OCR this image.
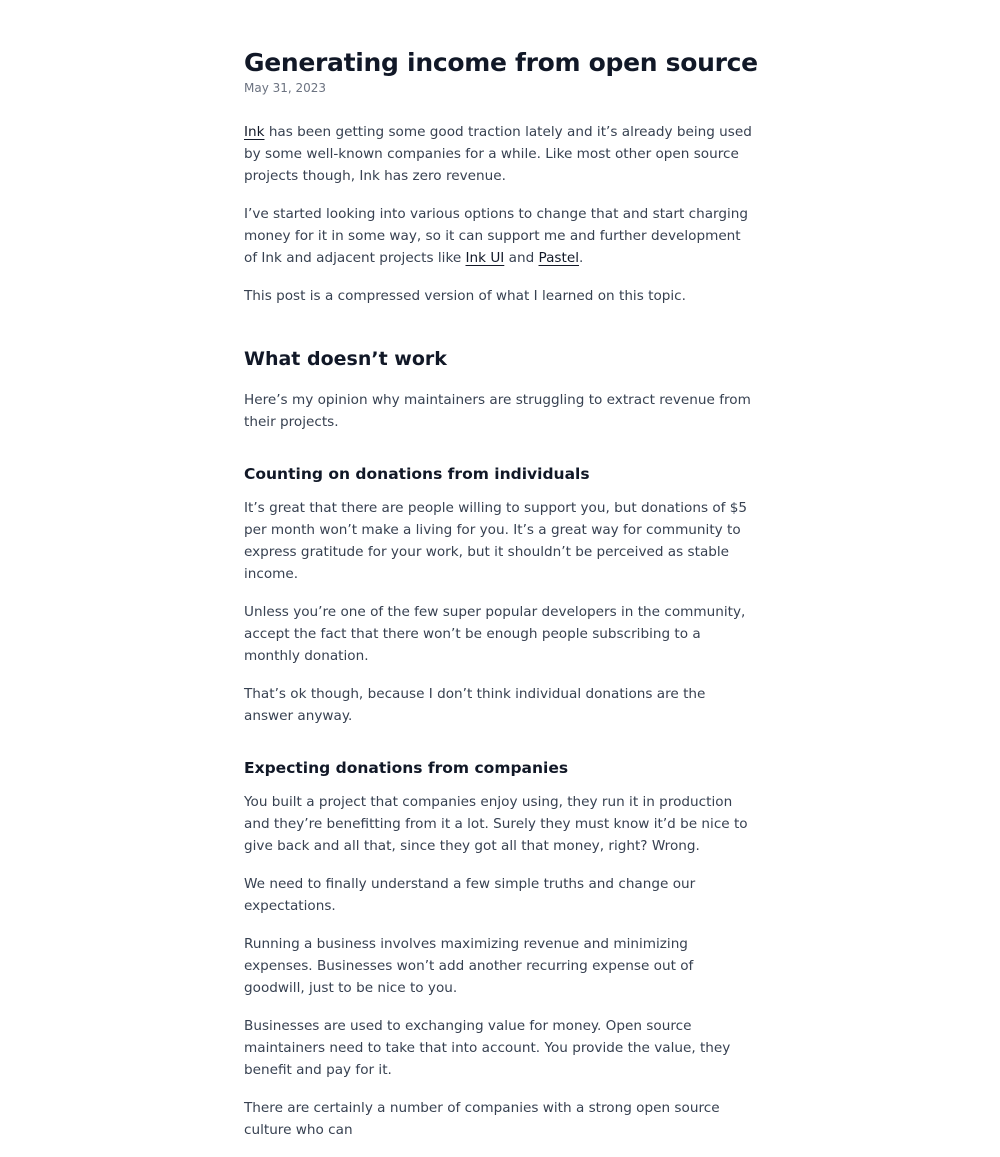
Generating income from open source
May 31, 2023

Ink has been getting some good traction lately and it’s already being used by some well-known companies for a while. Like most other open source projects though, Ink has zero revenue.

I’ve started looking into various options to change that and start charging money for it in some way, so it can support me and further development of Ink and adjacent projects like Ink UI and Pastel.

This post is a compressed version of what I learned on this topic.

What doesn’t work

Here’s my opinion why maintainers are struggling to extract revenue from their projects.

Counting on donations from individuals

It’s great that there are people willing to support you, but donations of $5 per month won’t make a living for you. It’s a great way for community to express gratitude for your work, but it shouldn’t be perceived as stable income.

Unless you’re one of the few super popular developers in the community, accept the fact that there won’t be enough people subscribing to a monthly donation.

That’s ok though, because I don’t think individual donations are the answer anyway.

Expecting donations from companies

You built a project that companies enjoy using, they run it in production and they’re benefitting from it a lot. Surely they must know it’d be nice to give back and all that, since they got all that money, right? Wrong.

We need to finally understand a few simple truths and change our expectations.

Running a business involves maximizing revenue and minimizing expenses. Businesses won’t add another recurring expense out of goodwill, just to be nice to you.

Businesses are used to exchanging value for money. Open source maintainers need to take that into account. You provide the value, they benefit and pay for it.

There are certainly a number of companies with a strong open source culture who can
